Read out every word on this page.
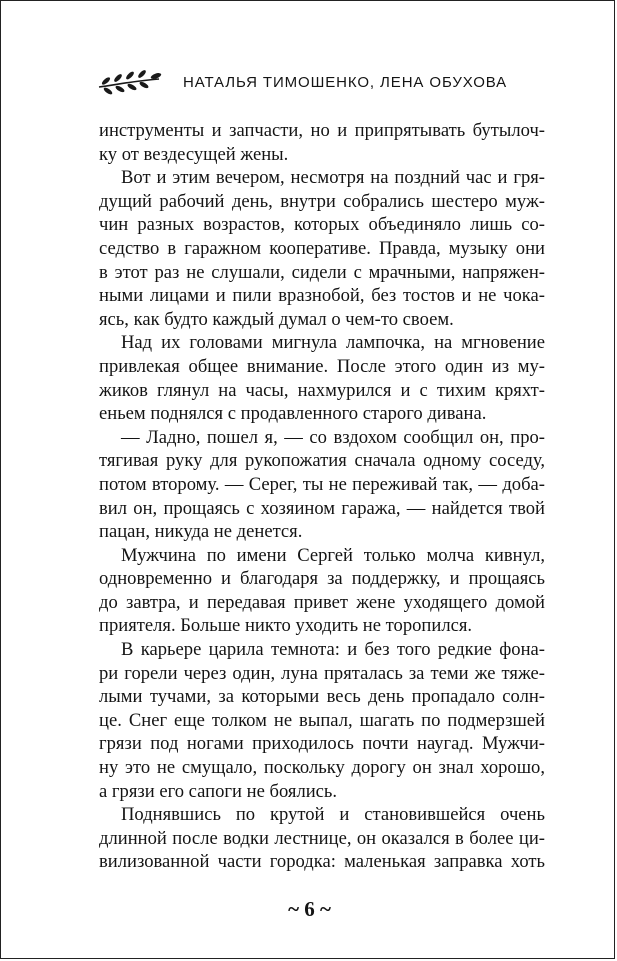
НАТАЛЬЯ ТИМОШЕНКО, ЛЕНА ОБУХОВА
инструменты и запчасти, но и припрятывать бутылоч-
ку от вездесущей жены.
Вот и этим вечером, несмотря на поздний час и гря-
дущий рабочий день, внутри собрались шестеро муж-
чин разных возрастов, которых объединяло лишь со-
седство в гаражном кооперативе. Правда, музыку они
в этот раз не слушали, сидели с мрачными, напряжен-
ными лицами и пили вразнобой, без тостов и не чока-
ясь, как будто каждый думал о чем-то своем.
Над их головами мигнула лампочка, на мгновение
привлекая общее внимание. После этого один из му-
жиков глянул на часы, нахмурился и с тихим кряхт-
еньем поднялся с продавленного старого дивана.
— Ладно, пошел я, — со вздохом сообщил он, про-
тягивая руку для рукопожатия сначала одному соседу,
потом второму. — Серег, ты не переживай так, — доба-
вил он, прощаясь с хозяином гаража, — найдется твой
пацан, никуда не денется.
Мужчина по имени Сергей только молча кивнул,
одновременно и благодаря за поддержку, и прощаясь
до завтра, и передавая привет жене уходящего домой
приятеля. Больше никто уходить не торопился.
В карьере царила темнота: и без того редкие фона-
ри горели через один, луна пряталась за теми же тяже-
лыми тучами, за которыми весь день пропадало солн-
це. Снег еще толком не выпал, шагать по подмерзшей
грязи под ногами приходилось почти наугад. Мужчи-
ну это не смущало, поскольку дорогу он знал хорошо,
а грязи его сапоги не боялись.
Поднявшись по крутой и становившейся очень
длинной после водки лестнице, он оказался в более ци-
вилизованной части городка: маленькая заправка хоть
~ 6 ~
